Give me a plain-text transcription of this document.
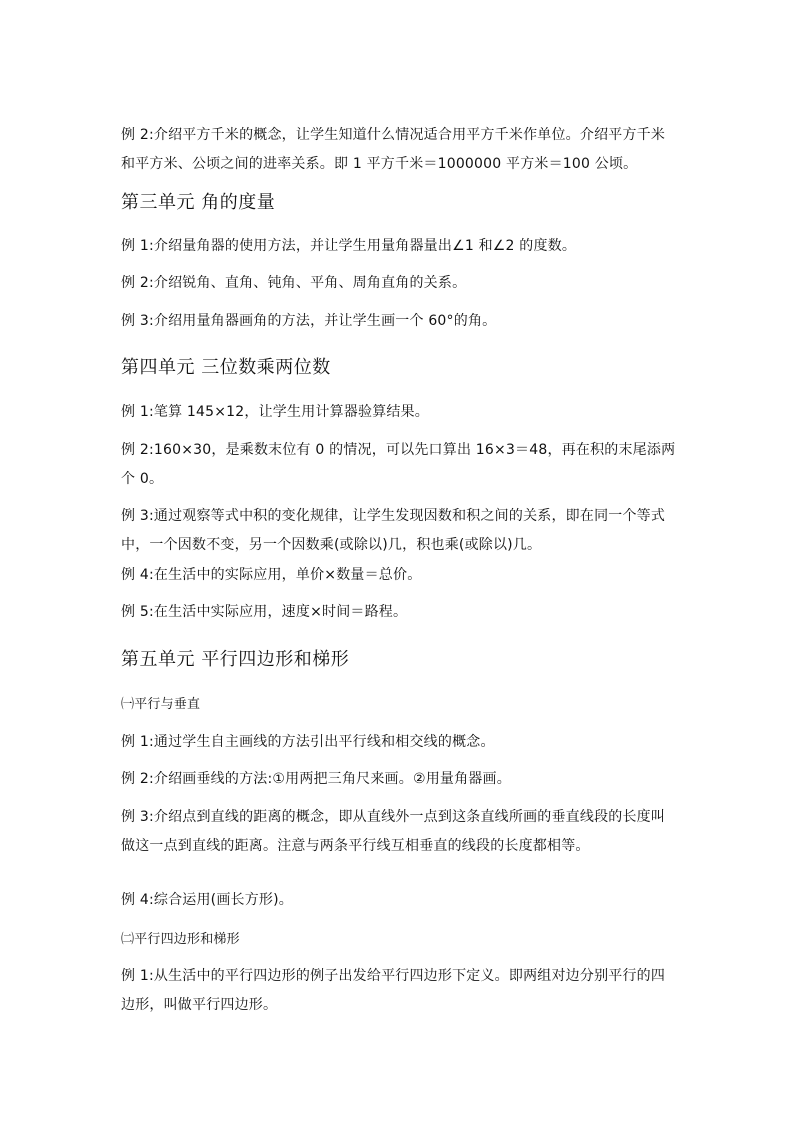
例 2:介绍平方千米的概念，让学生知道什么情况适合用平方千米作单位。介绍平方千米和平方米、公顷之间的进率关系。即 1 平方千米＝1000000 平方米＝100 公顷。
第三单元 角的度量
例 1:介绍量角器的使用方法，并让学生用量角器量出∠1 和∠2 的度数。
例 2:介绍锐角、直角、钝角、平角、周角直角的关系。
例 3:介绍用量角器画角的方法，并让学生画一个 60°的角。
第四单元 三位数乘两位数
例 1:笔算 145×12，让学生用计算器验算结果。
例 2:160×30，是乘数末位有 0 的情况，可以先口算出 16×3＝48，再在积的末尾添两个 0。
例 3:通过观察等式中积的变化规律，让学生发现因数和积之间的关系，即在同一个等式中，一个因数不变，另一个因数乘(或除以)几，积也乘(或除以)几。
例 4:在生活中的实际应用，单价×数量＝总价。
例 5:在生活中实际应用，速度×时间＝路程。
第五单元 平行四边形和梯形
㈠平行与垂直
例 1:通过学生自主画线的方法引出平行线和相交线的概念。
例 2:介绍画垂线的方法:①用两把三角尺来画。②用量角器画。
例 3:介绍点到直线的距离的概念，即从直线外一点到这条直线所画的垂直线段的长度叫做这一点到直线的距离。注意与两条平行线互相垂直的线段的长度都相等。
例 4:综合运用(画长方形)。
㈡平行四边形和梯形
例 1:从生活中的平行四边形的例子出发给平行四边形下定义。即两组对边分别平行的四边形，叫做平行四边形。
